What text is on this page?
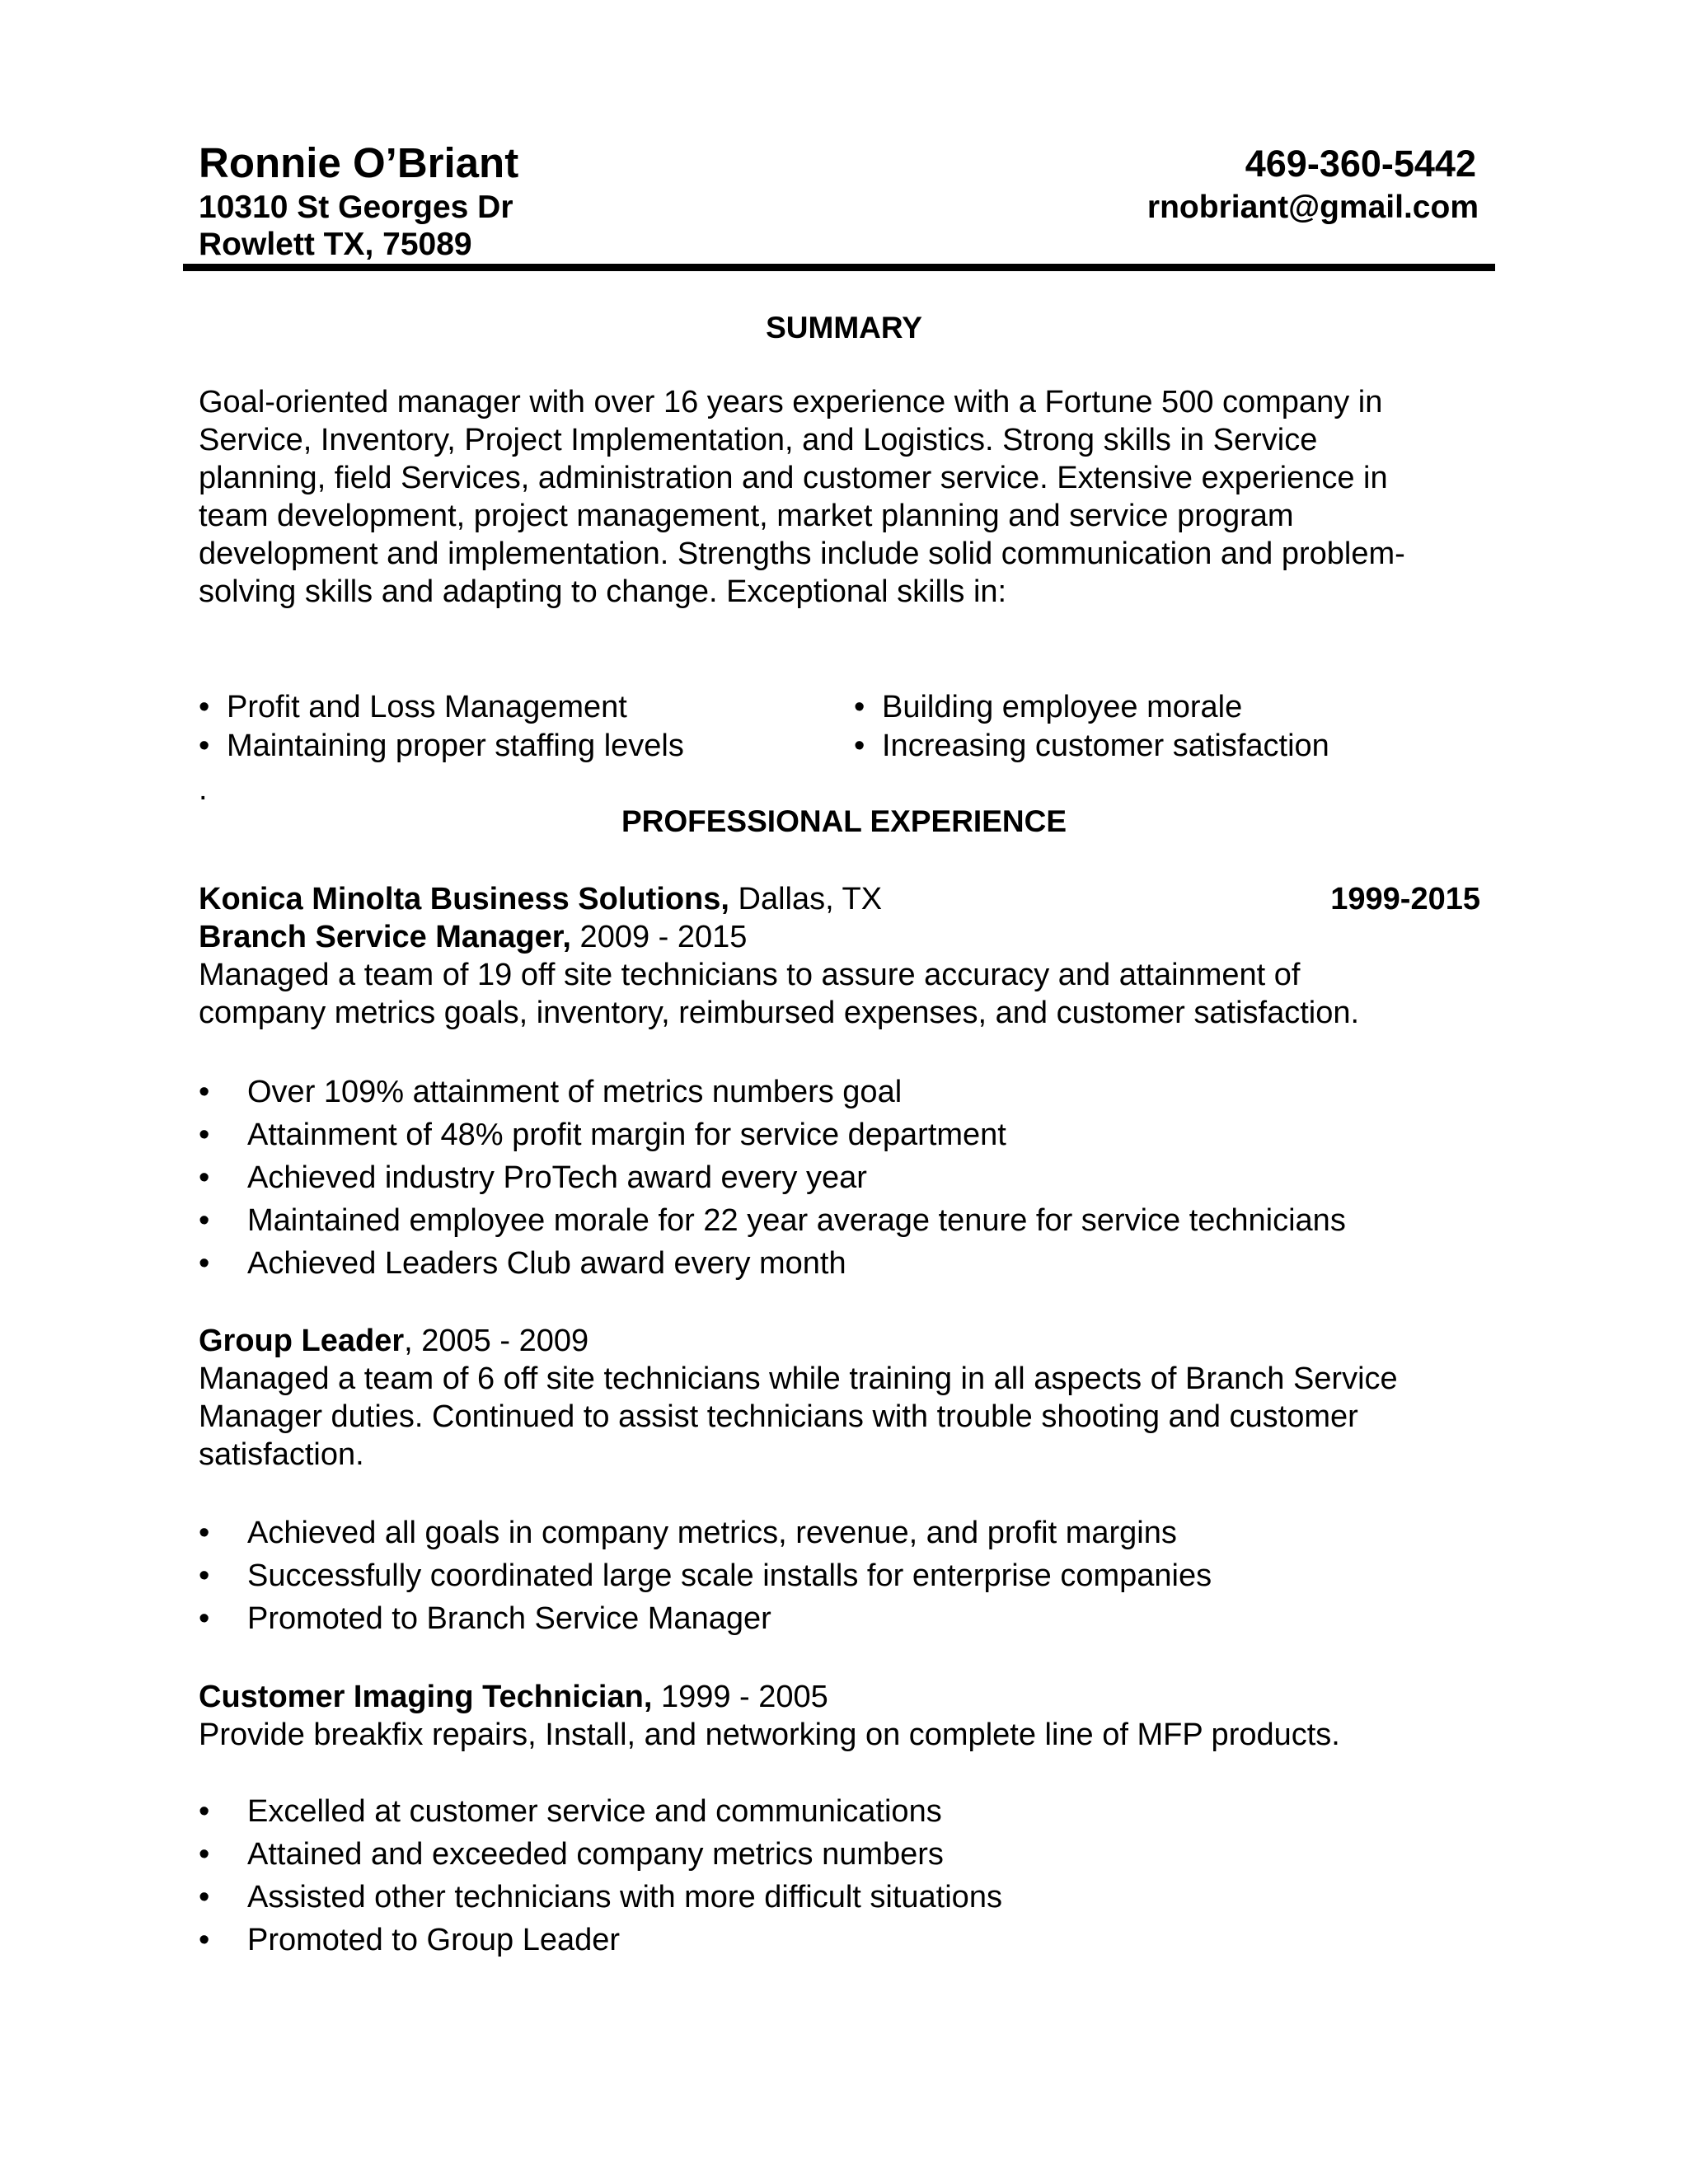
Ronnie O’Briant	469-360-5442
10310 St Georges Dr	rnobriant@gmail.com
Rowlett TX, 75089
SUMMARY
Goal-oriented manager with over 16 years experience with a Fortune 500 company in
Service, Inventory, Project Implementation, and Logistics. Strong skills in Service
planning, field Services, administration and customer service. Extensive experience in
team development, project management, market planning and service program
development and implementation. Strengths include solid communication and problem-
solving skills and adapting to change. Exceptional skills in:
• Profit and Loss Management
• Maintaining proper staffing levels
• Building employee morale
• Increasing customer satisfaction
.
PROFESSIONAL EXPERIENCE
Konica Minolta Business Solutions, Dallas, TX	1999-2015
Branch Service Manager, 2009 - 2015
Managed a team of 19 off site technicians to assure accuracy and attainment of
company metrics goals, inventory, reimbursed expenses, and customer satisfaction.
• Over 109% attainment of metrics numbers goal
• Attainment of 48% profit margin for service department
• Achieved industry ProTech award every year
• Maintained employee morale for 22 year average tenure for service technicians
• Achieved Leaders Club award every month
Group Leader, 2005 - 2009
Managed a team of 6 off site technicians while training in all aspects of Branch Service
Manager duties. Continued to assist technicians with trouble shooting and customer
satisfaction.
• Achieved all goals in company metrics, revenue, and profit margins
• Successfully coordinated large scale installs for enterprise companies
• Promoted to Branch Service Manager
Customer Imaging Technician, 1999 - 2005
Provide breakfix repairs, Install, and networking on complete line of MFP products.
• Excelled at customer service and communications
• Attained and exceeded company metrics numbers
• Assisted other technicians with more difficult situations
• Promoted to Group Leader
